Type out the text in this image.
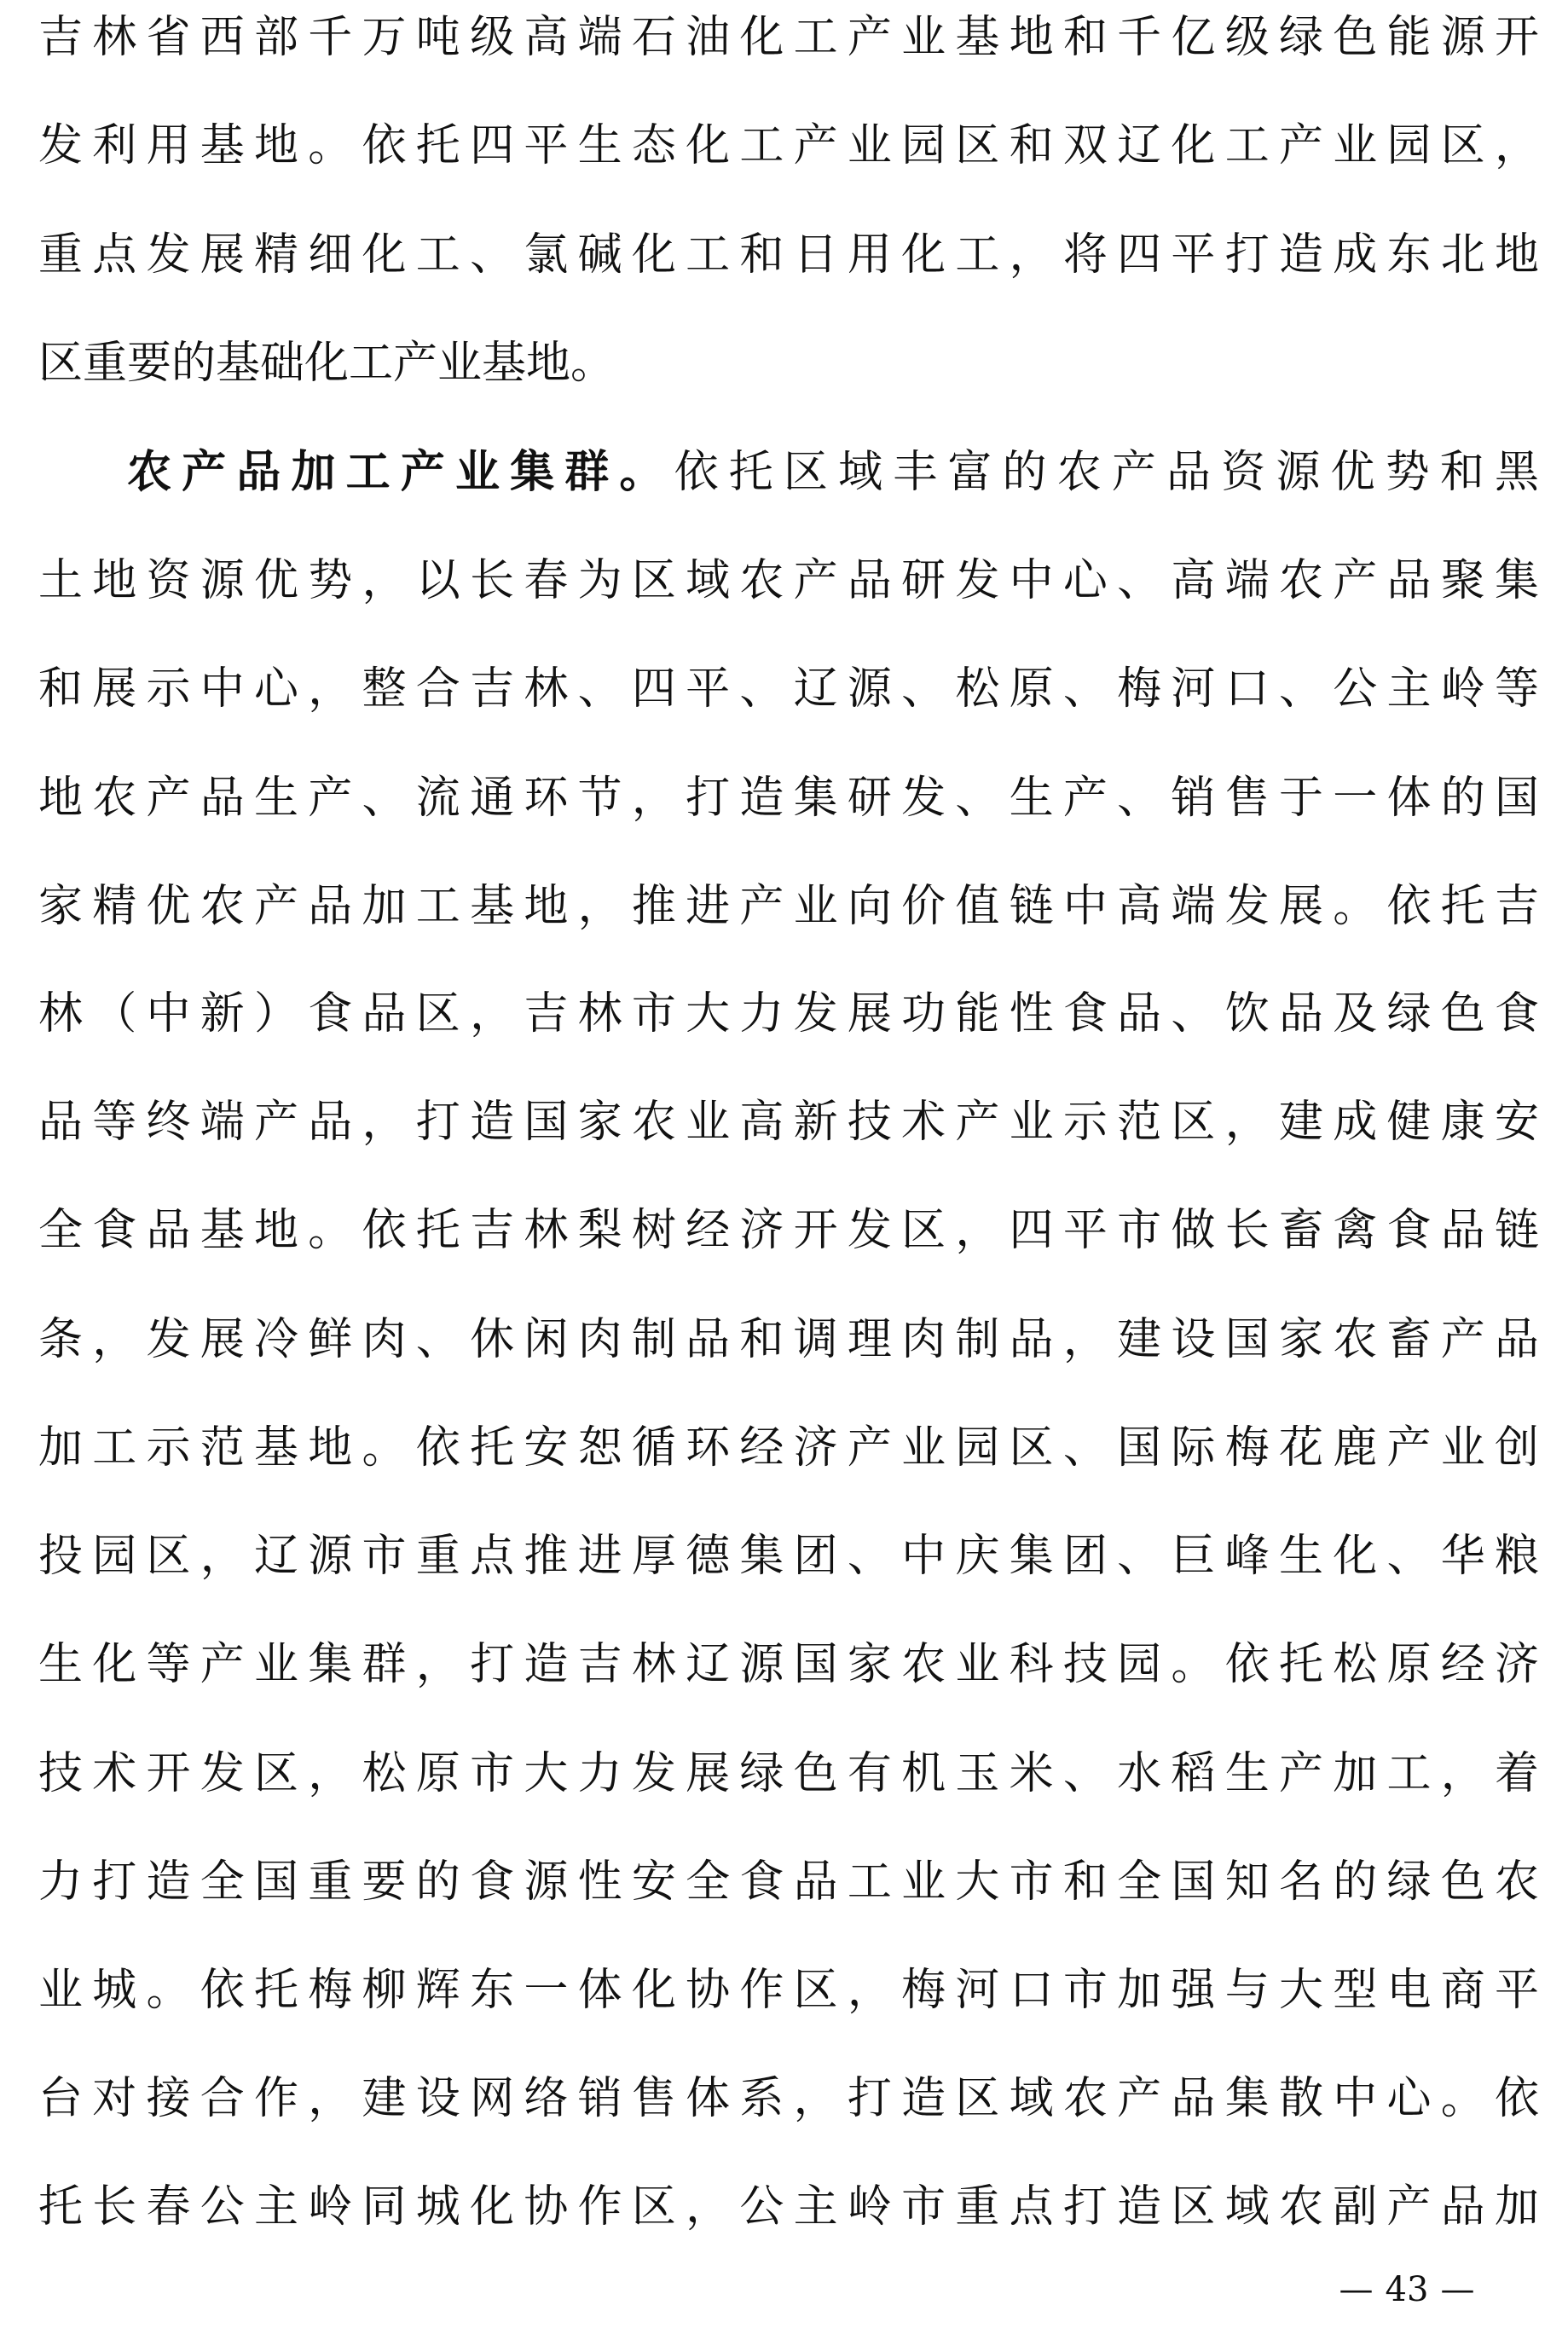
吉林省西部千万吨级高端石油化工产业基地和千亿级绿色能源开
发利用基地。依托四平生态化工产业园区和双辽化工产业园区，
重点发展精细化工、氯碱化工和日用化工，将四平打造成东北地
区重要的基础化工产业基地。
农产品加工产业集群。依托区域丰富的农产品资源优势和黑
土地资源优势，以长春为区域农产品研发中心、高端农产品聚集
和展示中心，整合吉林、四平、辽源、松原、梅河口、公主岭等
地农产品生产、流通环节，打造集研发、生产、销售于一体的国
家精优农产品加工基地，推进产业向价值链中高端发展。依托吉
林（中新）食品区，吉林市大力发展功能性食品、饮品及绿色食
品等终端产品，打造国家农业高新技术产业示范区，建成健康安
全食品基地。依托吉林梨树经济开发区，四平市做长畜禽食品链
条，发展冷鲜肉、休闲肉制品和调理肉制品，建设国家农畜产品
加工示范基地。依托安恕循环经济产业园区、国际梅花鹿产业创
投园区，辽源市重点推进厚德集团、中庆集团、巨峰生化、华粮
生化等产业集群，打造吉林辽源国家农业科技园。依托松原经济
技术开发区，松原市大力发展绿色有机玉米、水稻生产加工，着
力打造全国重要的食源性安全食品工业大市和全国知名的绿色农
业城。依托梅柳辉东一体化协作区，梅河口市加强与大型电商平
台对接合作，建设网络销售体系，打造区域农产品集散中心。依
托长春公主岭同城化协作区，公主岭市重点打造区域农副产品加
— 43 —
